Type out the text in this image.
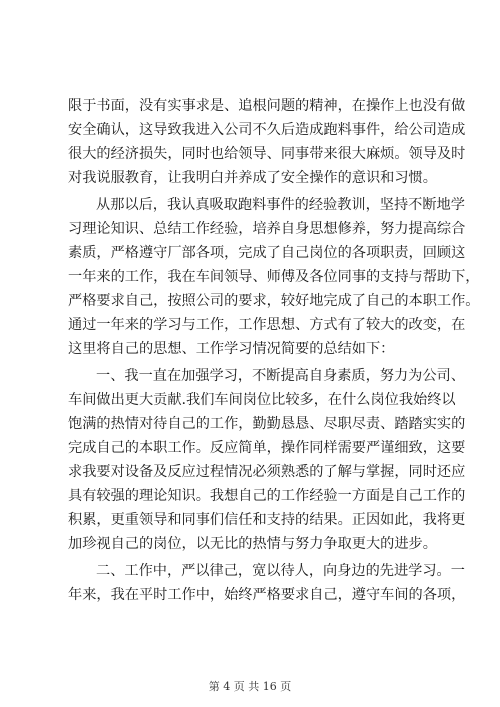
限于书面，没有实事求是、追根问题的精神，在操作上也没有做
安全确认，这导致我进入公司不久后造成跑料事件，给公司造成
很大的经济损失，同时也给领导、同事带来很大麻烦。领导及时
对我说服教育，让我明白并养成了安全操作的意识和习惯。
从那以后，我认真吸取跑料事件的经验教训，坚持不断地学
习理论知识、总结工作经验，培养自身思想修养，努力提高综合
素质，严格遵守厂部各项，完成了自己岗位的各项职责，回顾这
一年来的工作，我在车间领导、师傅及各位同事的支持与帮助下，
严格要求自己，按照公司的要求，较好地完成了自己的本职工作。
通过一年来的学习与工作，工作思想、方式有了较大的改变，在
这里将自己的思想、工作学习情况简要的总结如下：
一、我一直在加强学习，不断提高自身素质，努力为公司、
车间做出更大贡献.我们车间岗位比较多，在什么岗位我始终以
饱满的热情对待自己的工作，勤勤恳恳、尽职尽责、踏踏实实的
完成自己的本职工作。反应简单，操作同样需要严谨细致，这要
求我要对设备及反应过程情况必须熟悉的了解与掌握，同时还应
具有较强的理论知识。我想自己的工作经验一方面是自己工作的
积累，更重领导和同事们信任和支持的结果。正因如此，我将更
加珍视自己的岗位，以无比的热情与努力争取更大的进步。
二、工作中，严以律己，宽以待人，向身边的先进学习。一
年来，我在平时工作中，始终严格要求自己，遵守车间的各项，
第 4 页 共 16 页
